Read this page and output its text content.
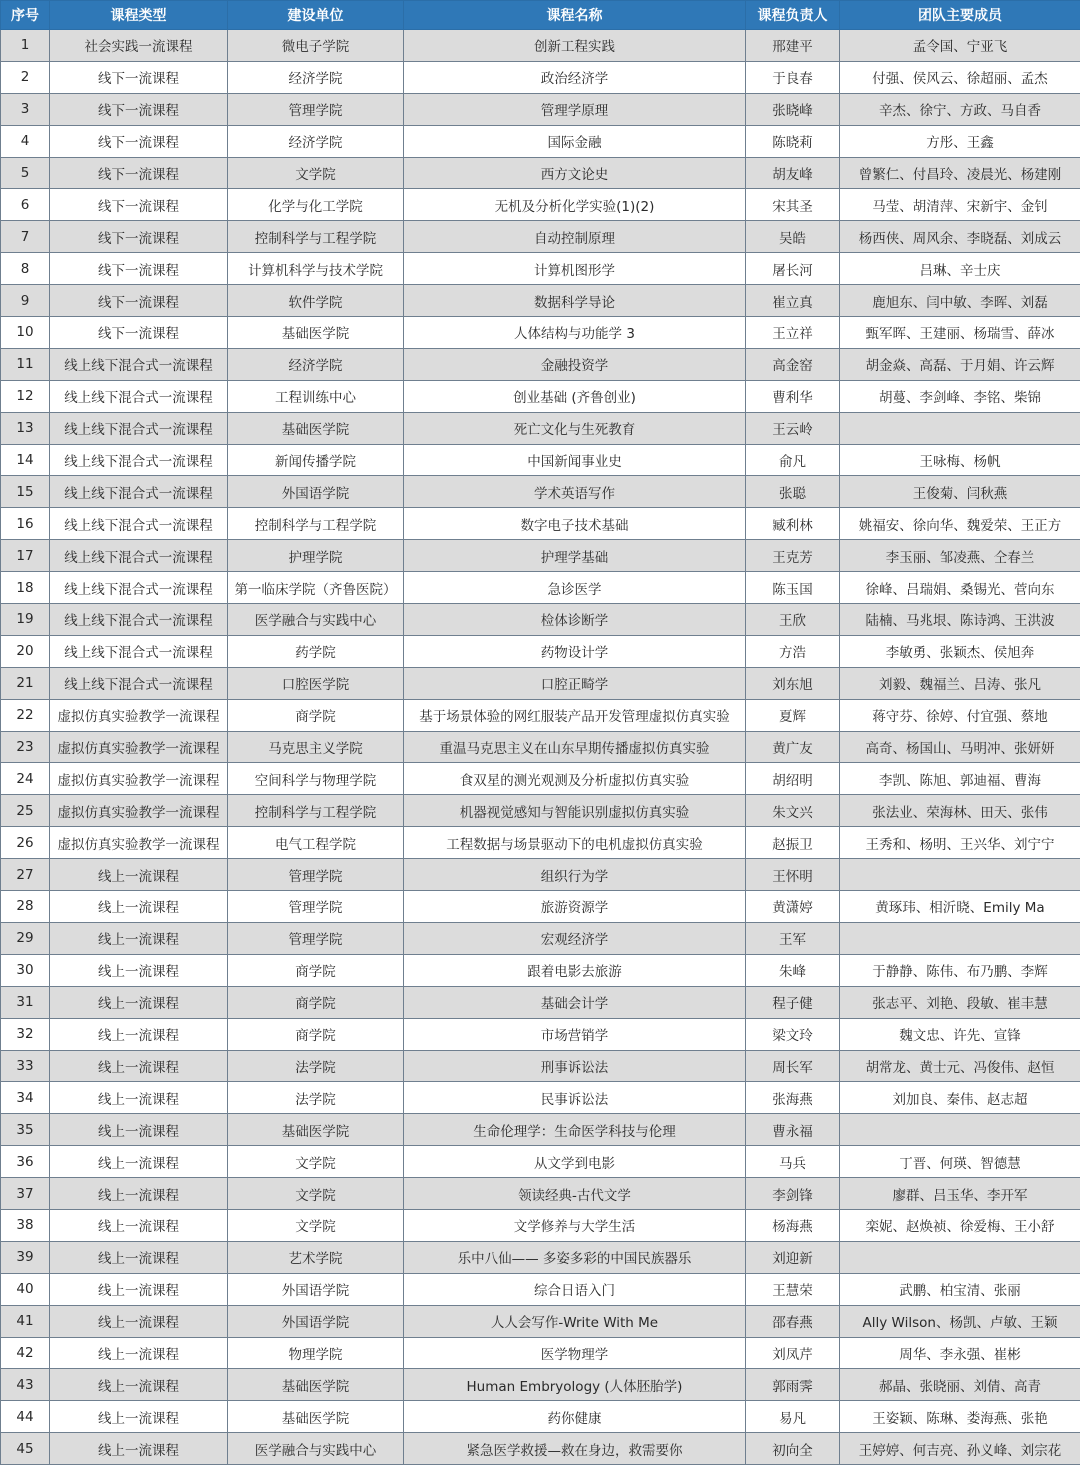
序号	课程类型	建设单位	课程名称	课程负责人	团队主要成员
1	社会实践一流课程	微电子学院	创新工程实践	邢建平	孟令国、宁亚飞
2	线下一流课程	经济学院	政治经济学	于良春	付强、侯风云、徐超丽、孟杰
3	线下一流课程	管理学院	管理学原理	张晓峰	辛杰、徐宁、方政、马自香
4	线下一流课程	经济学院	国际金融	陈晓莉	方彤、王鑫
5	线下一流课程	文学院	西方文论史	胡友峰	曾繁仁、付昌玲、凌晨光、杨建刚
6	线下一流课程	化学与化工学院	无机及分析化学实验(1)(2)	宋其圣	马莹、胡清萍、宋新宇、金钊
7	线下一流课程	控制科学与工程学院	自动控制原理	吴皓	杨西侠、周风余、李晓磊、刘成云
8	线下一流课程	计算机科学与技术学院	计算机图形学	屠长河	吕琳、辛士庆
9	线下一流课程	软件学院	数据科学导论	崔立真	鹿旭东、闫中敏、李晖、刘磊
10	线下一流课程	基础医学院	人体结构与功能学 3	王立祥	甄军晖、王建丽、杨瑞雪、薛冰
11	线上线下混合式一流课程	经济学院	金融投资学	高金窑	胡金焱、高磊、于月娟、许云辉
12	线上线下混合式一流课程	工程训练中心	创业基础 (齐鲁创业)	曹利华	胡蔓、李剑峰、李铭、柴锦
13	线上线下混合式一流课程	基础医学院	死亡文化与生死教育	王云岭	
14	线上线下混合式一流课程	新闻传播学院	中国新闻事业史	俞凡	王咏梅、杨帆
15	线上线下混合式一流课程	外国语学院	学术英语写作	张聪	王俊菊、闫秋燕
16	线上线下混合式一流课程	控制科学与工程学院	数字电子技术基础	臧利林	姚福安、徐向华、魏爱荣、王正方
17	线上线下混合式一流课程	护理学院	护理学基础	王克芳	李玉丽、邹凌燕、仝春兰
18	线上线下混合式一流课程	第一临床学院（齐鲁医院）	急诊医学	陈玉国	徐峰、吕瑞娟、桑锡光、菅向东
19	线上线下混合式一流课程	医学融合与实践中心	检体诊断学	王欣	陆楠、马兆垠、陈诗鸿、王洪波
20	线上线下混合式一流课程	药学院	药物设计学	方浩	李敏勇、张颖杰、侯旭奔
21	线上线下混合式一流课程	口腔医学院	口腔正畸学	刘东旭	刘毅、魏福兰、吕涛、张凡
22	虚拟仿真实验教学一流课程	商学院	基于场景体验的网红服装产品开发管理虚拟仿真实验	夏辉	蒋守芬、徐婷、付宜强、蔡地
23	虚拟仿真实验教学一流课程	马克思主义学院	重温马克思主义在山东早期传播虚拟仿真实验	黄广友	高奇、杨国山、马明冲、张妍妍
24	虚拟仿真实验教学一流课程	空间科学与物理学院	食双星的测光观测及分析虚拟仿真实验	胡绍明	李凯、陈旭、郭迪福、曹海
25	虚拟仿真实验教学一流课程	控制科学与工程学院	机器视觉感知与智能识别虚拟仿真实验	朱文兴	张法业、荣海林、田天、张伟
26	虚拟仿真实验教学一流课程	电气工程学院	工程数据与场景驱动下的电机虚拟仿真实验	赵振卫	王秀和、杨明、王兴华、刘宁宁
27	线上一流课程	管理学院	组织行为学	王怀明	
28	线上一流课程	管理学院	旅游资源学	黄潇婷	黄琢玮、相沂晓、Emily Ma
29	线上一流课程	管理学院	宏观经济学	王军	
30	线上一流课程	商学院	跟着电影去旅游	朱峰	于静静、陈伟、布乃鹏、李辉
31	线上一流课程	商学院	基础会计学	程子健	张志平、刘艳、段敏、崔丰慧
32	线上一流课程	商学院	市场营销学	梁文玲	魏文忠、许先、宣锋
33	线上一流课程	法学院	刑事诉讼法	周长军	胡常龙、黄士元、冯俊伟、赵恒
34	线上一流课程	法学院	民事诉讼法	张海燕	刘加良、秦伟、赵志超
35	线上一流课程	基础医学院	生命伦理学：生命医学科技与伦理	曹永福	
36	线上一流课程	文学院	从文学到电影	马兵	丁晋、何瑛、智德慧
37	线上一流课程	文学院	领读经典-古代文学	李剑锋	廖群、吕玉华、李开军
38	线上一流课程	文学院	文学修养与大学生活	杨海燕	栾妮、赵焕祯、徐爱梅、王小舒
39	线上一流课程	艺术学院	乐中八仙—— 多姿多彩的中国民族器乐	刘迎新	
40	线上一流课程	外国语学院	综合日语入门	王慧荣	武鹏、柏宝清、张丽
41	线上一流课程	外国语学院	人人会写作-Write With Me	邵春燕	Ally Wilson、杨凯、卢敏、王颖
42	线上一流课程	物理学院	医学物理学	刘凤芹	周华、李永强、崔彬
43	线上一流课程	基础医学院	Human Embryology (人体胚胎学)	郭雨霁	郝晶、张晓丽、刘倩、高青
44	线上一流课程	基础医学院	药你健康	易凡	王姿颖、陈琳、娄海燕、张艳
45	线上一流课程	医学融合与实践中心	紧急医学救援—救在身边，救需要你	初向全	王婷婷、何吉亮、孙义峰、刘宗花
